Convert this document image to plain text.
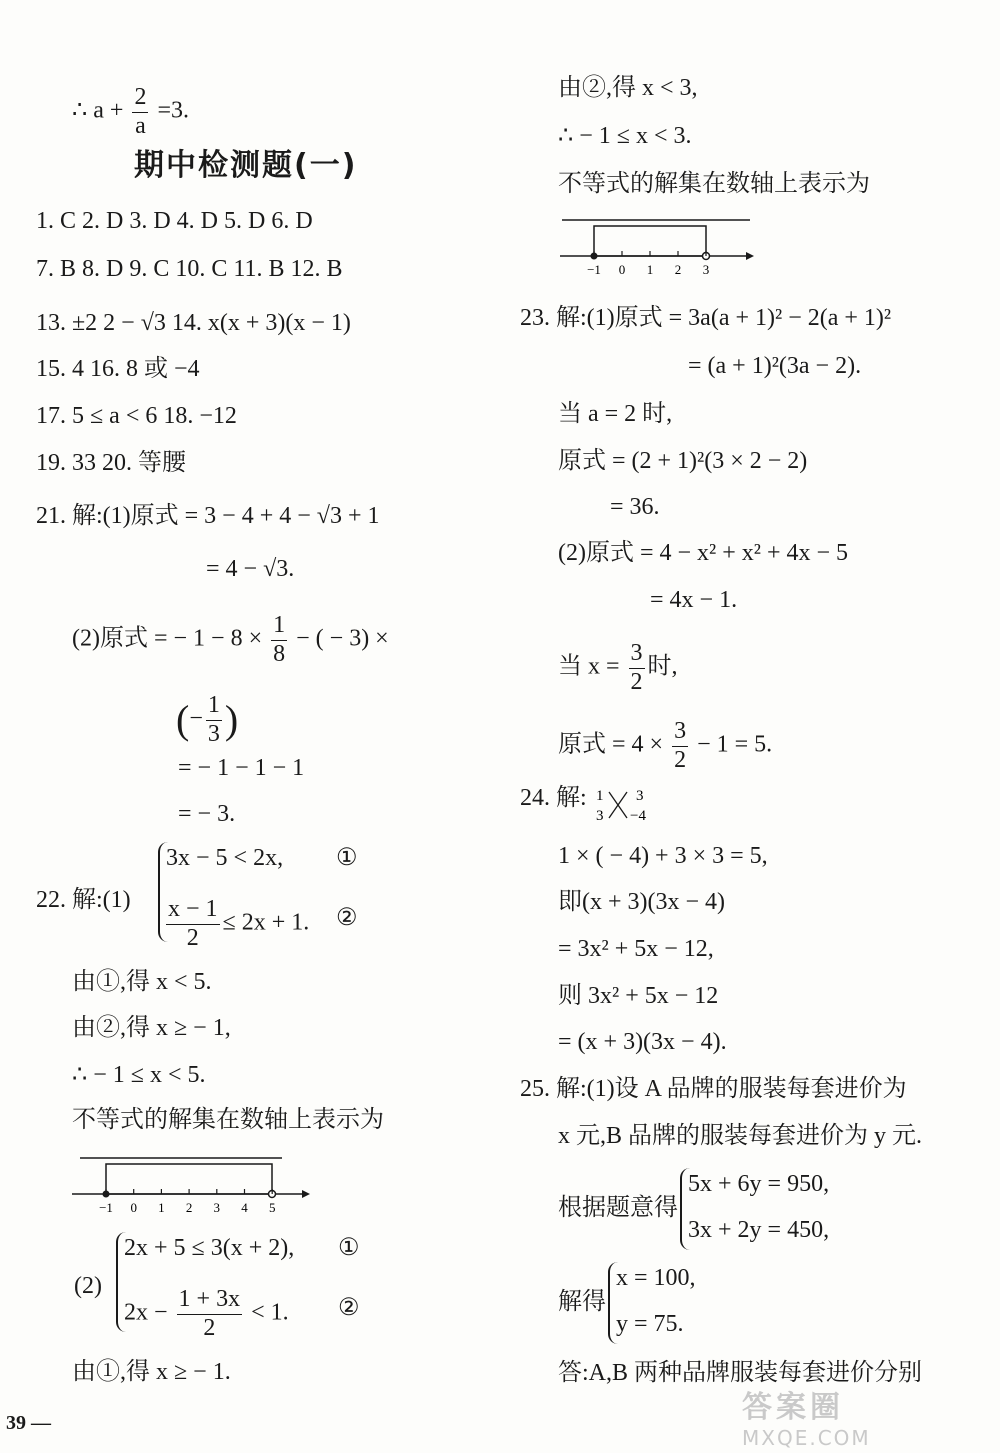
∴ $a + \frac{2}{a} =3$.
期中检测题(一)
1. C 2. D 3. D 4. D 5. D 6. D
7. B 8. D 9. C 10. C 11. B 12. B
13. ±2 2 − √3 14. x(x + 3)(x − 1)
15. 4 16. 8 或 −4
17. 5 ≤ a < 6 18. −12
19. 33 20. 等腰
21. 解:(1)原式 = 3 − 4 + 4 − √3 + 1
= 4 − √3.
(2)原式 = − $1 - 8 \times \frac{1}{8}$ − ( − 3) ×
(− $\frac{1}{3}$ )
= − 1 − 1 − 1
= − 3.
22. 解:(1)
3x − 5 < 2x, ①
$\frac{x - 1}{2} \le 2x + 1$. ②
由①,得 x < 5.
由②,得 x ≥ − 1,
∴ − 1 ≤ x < 5.
不等式的解集在数轴上表示为
−1 0 1 2 3 4 5
(2)
2x + 5 ≤ 3(x + 2), ①
$2x - \frac{1 + 3x}{2} < 1$. ②
由①,得 x ≥ − 1.
由②,得 x < 3,
∴ − 1 ≤ x < 3.
不等式的解集在数轴上表示为
−1 0 1 2 3
23. 解:(1)原式 = 3a(a + 1)² − 2(a + 1)²
= (a + 1)²(3a − 2).
当 a = 2 时,
原式 = (2 + 1)²(3 × 2 − 2)
= 36.
(2)原式 = 4 − x² + x² + 4x − 5
= 4x − 1.
当 $x = \frac{3}{2}$ 时,
原式 = $4 \times \frac{3}{2} - 1 = 5$.
24. 解: 1
3
3
−4
1 × ( − 4) + 3 × 3 = 5,
即(x + 3)(3x − 4)
= 3x² + 5x − 12,
则 3x² + 5x − 12
= (x + 3)(3x − 4).
25. 解:(1)设 A 品牌的服装每套进价为
x 元,B 品牌的服装每套进价为 y 元.
根据题意得
5x + 6y = 950,
3x + 2y = 450,
解得
x = 100,
y = 75.
答:A,B 两种品牌服装每套进价分别
39 —	答案圈
MXQE.COM
